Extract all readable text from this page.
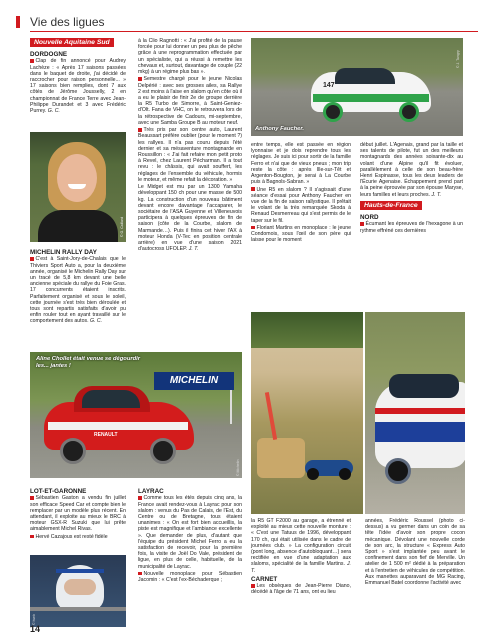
Vie des ligues
Nouvelle Aquitaine Sud
DORDOGNE

Clap de fin annoncé pour Audrey Lachèze : « Après 17 saisons passées dans le baquet de droite, j'ai décidé de raccrocher pour raison personnelle... » 17 saisons bien remplies, dont 7 aux côtés de Jérôme Jousselly, 2 en championnat de France Terre avec Jean-Philippe Durandet et 3 avec Frédéric Purrey. G. C.

© G. Caillard
MICHELIN RALLY DAY

C'est à Saint-Jory-de-Chalais que le Thiviers Sport Auto a, pour la deuxième année, organisé le Michelin Rally Day sur un tracé de 5,8 km devant une belle ancienne spéciale du rallye du Foie Gras. 17 concurrents étaient inscrits. Parfaitement organisé et sous le soleil, cette journée s'est très bien déroulée et tous sont repartis satisfaits d'avoir pu enfin rouler tout en ayant travaillé sur le comportement des autos. G. C.

MICHELIN
RENAULT
Aline Chollet était venue se dégourdir les... jantes !
© Michelin
LOT-ET-GARONNE

Sébastien Gaston a vendu fin juillet son efficace Speed Car et compte bien le remplacer par un modèle plus récent. En attendant, il exploite au mieux le BRC à moteur GSX-R Suzuki que lui prête aimablement Michel Rivas.

Hervé Cazajous est resté fidèle

© Iweb

à la Clio Ragnotti : « J'ai profité de la pause forcée pour lui donner un peu plus de pêche grâce à une reprogrammation effectuée par un spécialiste, qui a réussi à remettre les chevaux et, surtout, davantage de couple (22 mkg) à un régime plus bas ».

Semestre chargé pour le jeune Nicolas Delpérié : avec ses grosses ailes, sa Rallye 2 est moins à l'aise en slalom qu'en côte où il a eu le plaisir de finir 2e de groupe derrière la R5 Turbo de Simorre, à Saint-Geniez-d'Olt. Fana de VHC, on le retrouvera lors de la rétrospective de Cadours, mi-septembre, avec une Samba Groupe B au moteur neuf.

Très pris par son centre auto, Laurent Beaussart préfère oublier (pour le moment ?) les rallyes. Il n'a pas couru depuis l'été dernier et sa mésaventure montagnarde en Roussillon : « J'ai fait refaire mon petit proto à Revel, chez Laurent Pécharman. Il a tout revu : le châssis, qui avait souffert, les réglages de l'ensemble du véhicule, hormis le moteur, et même refait la décoration. »

Le Midget est mu par un 1300 Yamaha développant 150 ch pour une masse de 500 kg. La construction d'un nouveau bâtiment devant encore davantage l'accaparer, le sociétaire de l'ASA Guyenne et Villeneuvois participera à quelques épreuves de fin de saison (côte de la Courbe, slalom de Marmande…). Puis il finira cet hiver l'AX à moteur Honda (V-Tec en position centrale arrière) en vue d'une saison 2021 d'autocross UFOLEP. J. T.

LAYRAC

Comme tous les étés depuis cinq ans, la France avait rendez-vous à Layrac pour son slalom : venus du Pas de Calais, de l'Est, du Centre ou de Bretagne, tous étaient unanimes : « On est fort bien accueillis, la piste est magnifique et l'ambiance excellente ». Que demander de plus, d'autant que l'équipe du président Michel Ferro a eu la satisfaction de recevoir, pour la première fois, la visite de Joël Do Vale, président de ligue, en plus de celle, habituelle, de la municipalité de Layrac.

Nouvelle monoplace pour Sébastien Jacomin : « C'est l'ex-Béchaderque ;

147
Anthony Faucher.
© J. Tangry

entre temps, elle est passée en région lyonnaise et je dois reprendre tous les réglages. Je suis ici pour sortir de la famille Ferro et n'ai que de vieux pneus ; mon trip reste la côte : après Ille-sur-Têt et Argenton-Bougton, je serai à La Courbe puis à Bagnols-Sabran. »

Une R5 en slalom ? Il s'agissait d'une séance d'essai pour Anthony Faucher en vue de la fin de saison rallystique. Il prêtait le volant de la très remarquée Skoda à Renaud Desmerreau qui s'est permis de le taper sur le fil.

Floriant Martins en monoplace : le jeune Condomois, sous l'œil de son père qui laisse pour le moment

la R5 GT F2000 au garage, a étrenné et exploité au mieux cette nouvelle monture : « C'est une Tatuus de 1996, développant 170 ch, qui était utilisée dans le cadre de journées club. » La configuration circuit (pont long, absence d'autobloquant…) sera rectifiée en vue d'une adaptation aux slaloms, spécialité de la famille Martins. J. T.

CARNET

Les obsèques de Jean-Pierre Diano, décédé à l'âge de 71 ans, ont eu lieu

début juillet. L'Agenais, grand par la taille et ses talents de pilote, fut un des meilleurs montagnards des années soixante-dix au volant d'une Alpine qu'il fit évoluer, parallèlement à celle de son beau-frère Henri Espinasse, tous les deux leaders de l'Écurie Agenaise. Échappement prend part à la peine éprouvée par son épouse Maryse, leurs familles et leurs proches. J. T.

Hauts-de-France
NORD

Écumant les épreuves de l'hexagone à un rythme effréné ces dernières

années, Frédéric Roussel (photo ci-dessus) a vu germer dans un coin de sa tête l'idée d'avoir son propre cocon mécanique. Dévolant une nouvelle corde de son arc, la structure « Express Auto Sport » s'est implantée peu avant le confinement dans son fief de Merville. Un atelier de 1 500 m² dédié à la préparation et à l'entretien de véhicules de compétition. Aux manettes auparavant de MG Racing, Emmanuel Batel coordonne l'activité avec

14
